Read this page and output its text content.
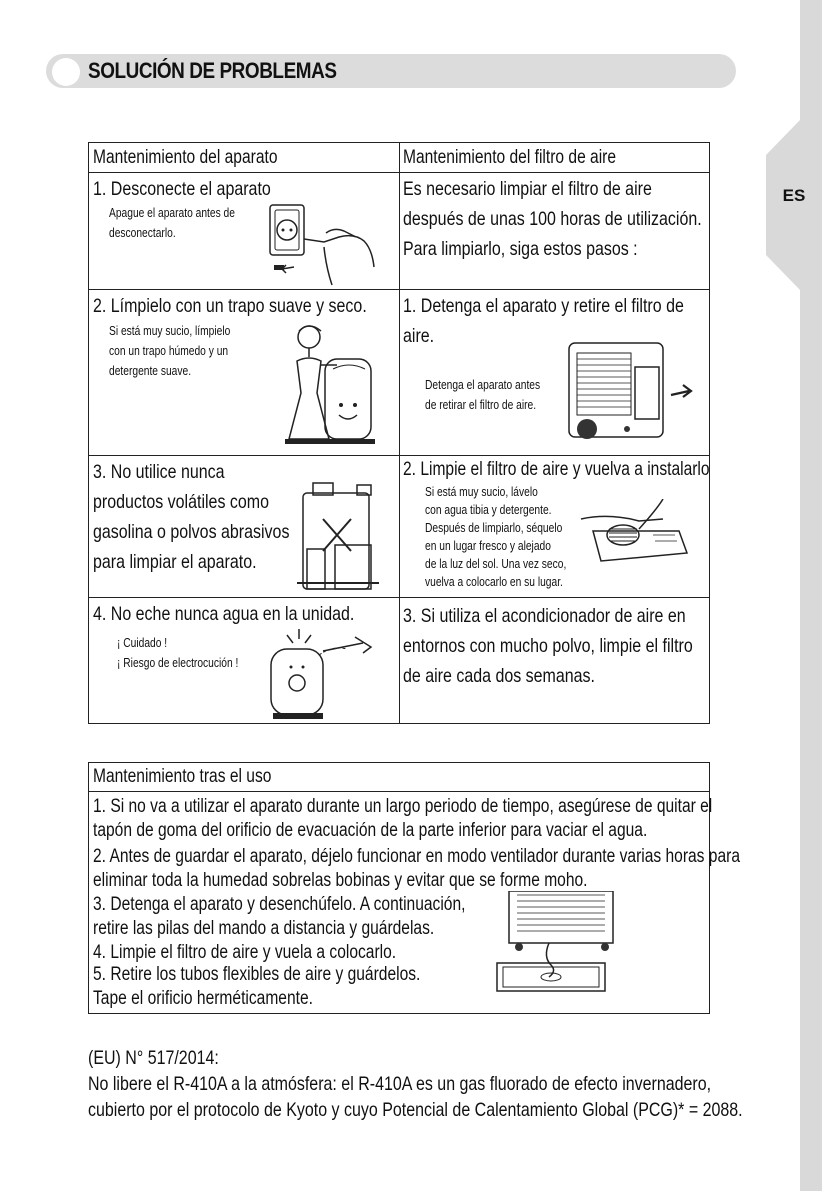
ES
SOLUCIÓN DE PROBLEMAS
Mantenimiento del aparato	Mantenimiento del filtro de aire
1. Desconecte el aparato
Apague el aparato antes de
desconectarlo.
2. Límpielo con un trapo suave y seco.
Si está muy sucio, límpielo
con un trapo húmedo y un
detergente suave.
3. No utilice nunca
productos volátiles como
gasolina o polvos abrasivos
para limpiar el aparato.
4. No eche nunca agua en la unidad.
¡ Cuidado !
¡ Riesgo de electrocución !
Es necesario limpiar el filtro de aire
después de unas 100 horas de utilización.
Para limpiarlo, siga estos pasos :
1. Detenga el aparato y retire el filtro de
aire.
Detenga el aparato antes
de retirar el filtro de aire.
2. Limpie el filtro de aire y vuelva a instalarlo
Si está muy sucio, lávelo
con agua tibia y detergente.
Después de limpiarlo, séquelo
en un lugar fresco y alejado
de la luz del sol. Una vez seco,
vuelva a colocarlo en su lugar.
3. Si utiliza el acondicionador de aire en
entornos con mucho polvo, limpie el filtro
de aire cada dos semanas.
Mantenimiento tras el uso
1. Si no va a utilizar el aparato durante un largo periodo de tiempo, asegúrese de quitar el
tapón de goma del orificio de evacuación de la parte inferior para vaciar el agua.
2. Antes de guardar el aparato, déjelo funcionar en modo ventilador durante varias horas para
eliminar toda la humedad sobrelas bobinas y evitar que se forme moho.
3. Detenga el aparato y desenchúfelo. A continuación,
retire las pilas del mando a distancia y guárdelas.
4. Limpie el filtro de aire y vuela a colocarlo.
5. Retire los tubos flexibles de aire y guárdelos.
Tape el orificio herméticamente.
(EU) N° 517/2014:
No libere el R-410A a la atmósfera: el R-410A es un gas fluorado de efecto invernadero,
cubierto por el protocolo de Kyoto y cuyo Potencial de Calentamiento Global (PCG)* = 2088.
